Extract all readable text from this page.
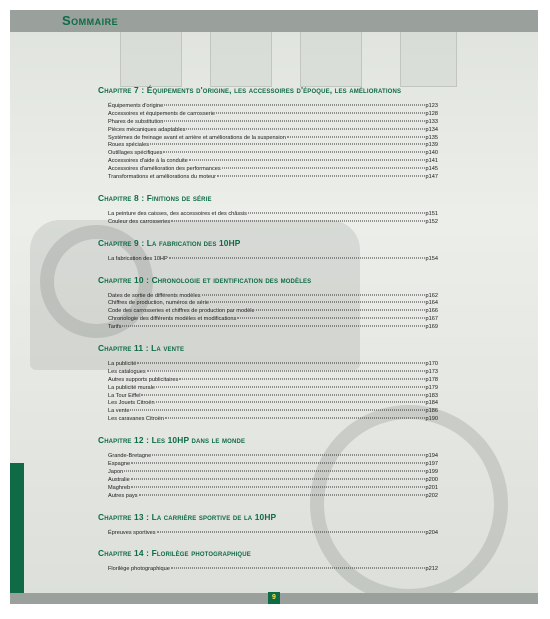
Sommaire
Chapitre 7 : Équipements d'origine, les accessoires d'époque, les améliorations
Équipements d'origine	p123
Accessoires et équipements de carrosserie	p128
Phares de substitution	p133
Pièces mécaniques adaptables	p134
Systèmes de freinage avant et arrière et améliorations de la suspension	p135
Roues spéciales	p139
Outillages spécifiques	p140
Accessoires d'aide à la conduite	p141
Accessoires d'amélioration des performances	p145
Transformations et améliorations du moteur	p147
Chapitre 8 : Finitions de série
La peinture des caisses, des accessoires et des châssis	p151
Couleur des carrosseries	p152
Chapitre 9 : La fabrication des 10HP
La fabrication des 10HP	p154
Chapitre 10 : Chronologie et identification des modèles
Dates de sortie de différents modèles	p162
Chiffres de production, numéros de série	p164
Code des carrosseries et chiffres de production par modèle	p166
Chronologie des différents modèles et modifications	p167
Tarifs	p169
Chapitre 11 : La vente
La publicité	p170
Les catalogues	p173
Autres supports publicitaires	p178
La publicité murale	p179
La Tour Eiffel	p183
Les Jouets Citroën	p184
La vente	p186
Les caravanes Citroën	p190
Chapitre 12 : Les 10HP dans le monde
Grande-Bretagne	p194
Espagne	p197
Japon	p199
Australie	p200
Maghreb	p201
Autres pays	p202
Chapitre 13 : La carrière sportive de la 10HP
Épreuves sportives	p204
Chapitre 14 : Florilège photographique
Florilège photographique	p212
9
